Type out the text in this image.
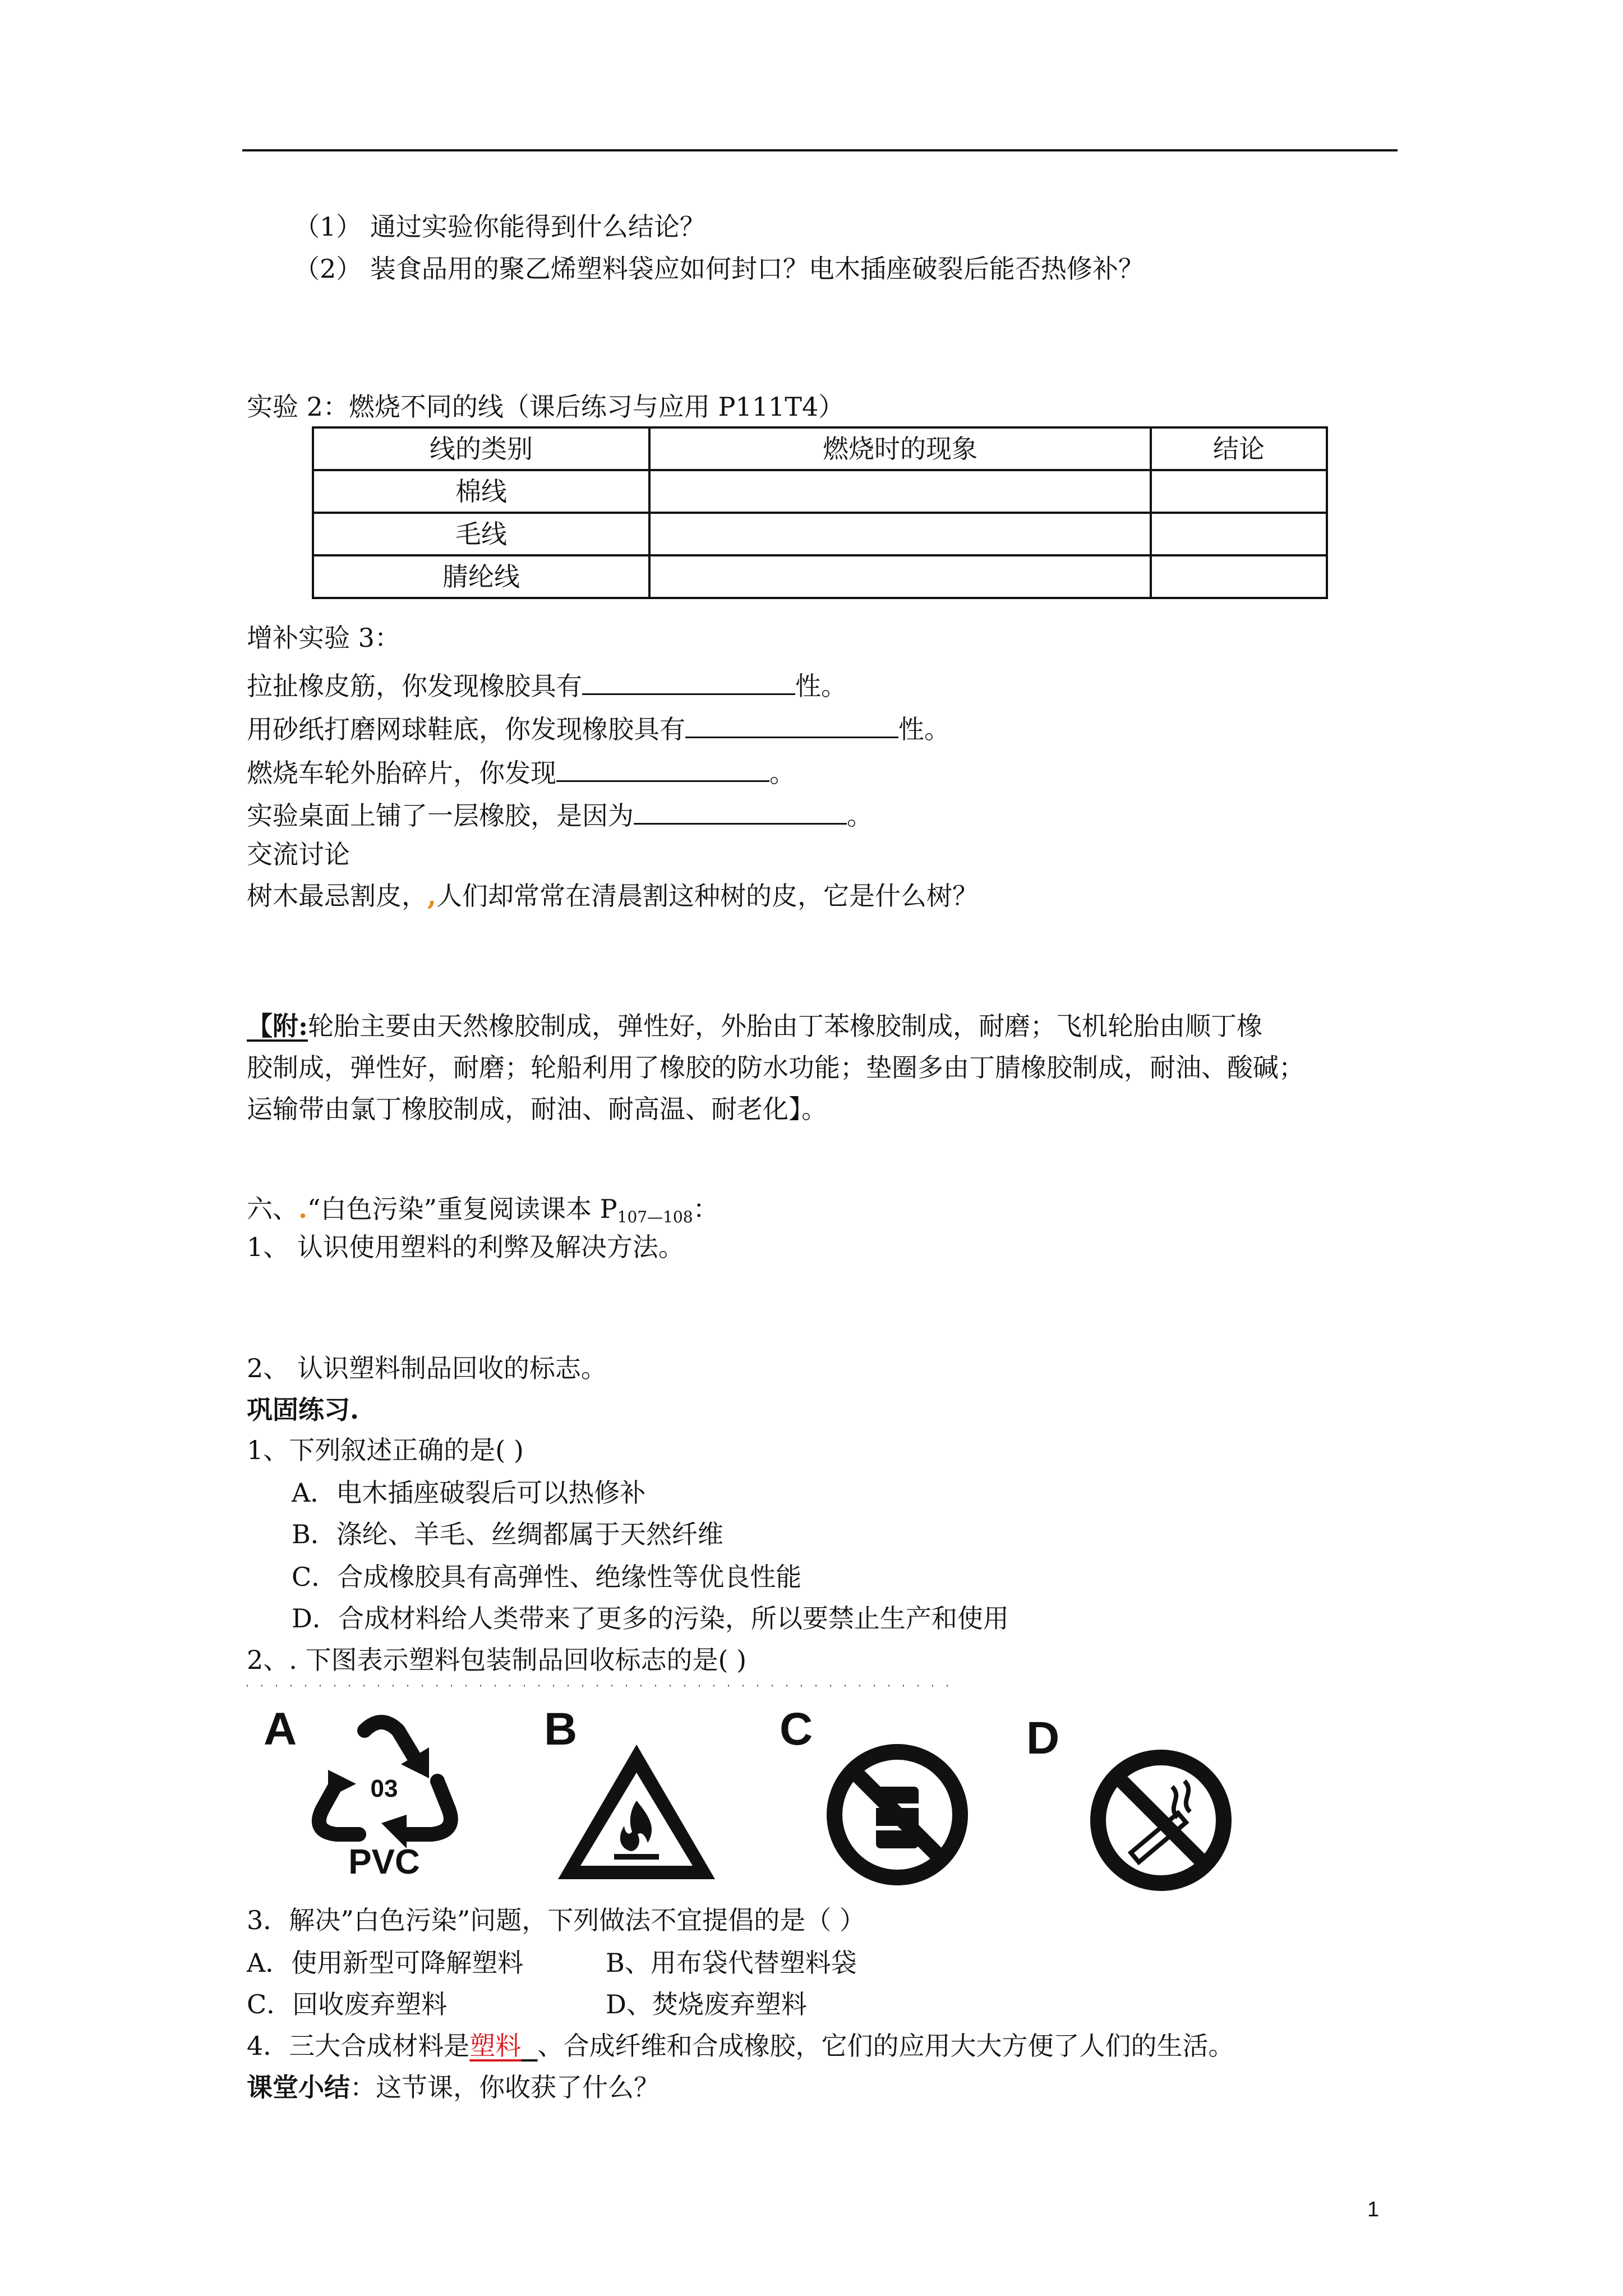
（1） 通过实验你能得到什么结论？
（2） 装食品用的聚乙烯塑料袋应如何封口？电木插座破裂后能否热修补？
实验 2：燃烧不同的线（课后练习与应用 P111T4）
线的类别	燃烧时的现象	结论
棉线		
毛线		
腈纶线		
增补实验 3：
拉扯橡皮筋，你发现橡胶具有	性。
用砂纸打磨网球鞋底，你发现橡胶具有	性。
燃烧车轮外胎碎片，你发现	。
实验桌面上铺了一层橡胶，是因为	。
交流讨论
树木最忌割皮，,人们却常常在清晨割这种树的皮，它是什么树？
【附:轮胎主要由天然橡胶制成，弹性好，外胎由丁苯橡胶制成，耐磨；飞机轮胎由顺丁橡
胶制成，弹性好，耐磨；轮船利用了橡胶的防水功能；垫圈多由丁腈橡胶制成，耐油、酸碱；
运输带由氯丁橡胶制成，耐油、耐高温、耐老化】。
六、.“白色污染”重复阅读课本 $P_{107—108}$：
1、 认识使用塑料的利弊及解决方法。
2、 认识塑料制品回收的标志。
巩固练习.
1、下列叙述正确的是( )
A．电木插座破裂后可以热修补
B．涤纶、羊毛、丝绸都属于天然纤维
C．合成橡胶具有高弹性、绝缘性等优良性能
D．合成材料给人类带来了更多的污染，所以要禁止生产和使用
2、. 下图表示塑料包装制品回收标志的是( )
A
03
PVC
B	C	D
3．解决”白色污染”问题，下列做法不宜提倡的是（ ）
A．使用新型可降解塑料	B、用布袋代替塑料袋
C．回收废弃塑料	D、焚烧废弃塑料
4．三大合成材料是塑料 、合成纤维和合成橡胶，它们的应用大大方便了人们的生活。
课堂小结：这节课，你收获了什么？
1
